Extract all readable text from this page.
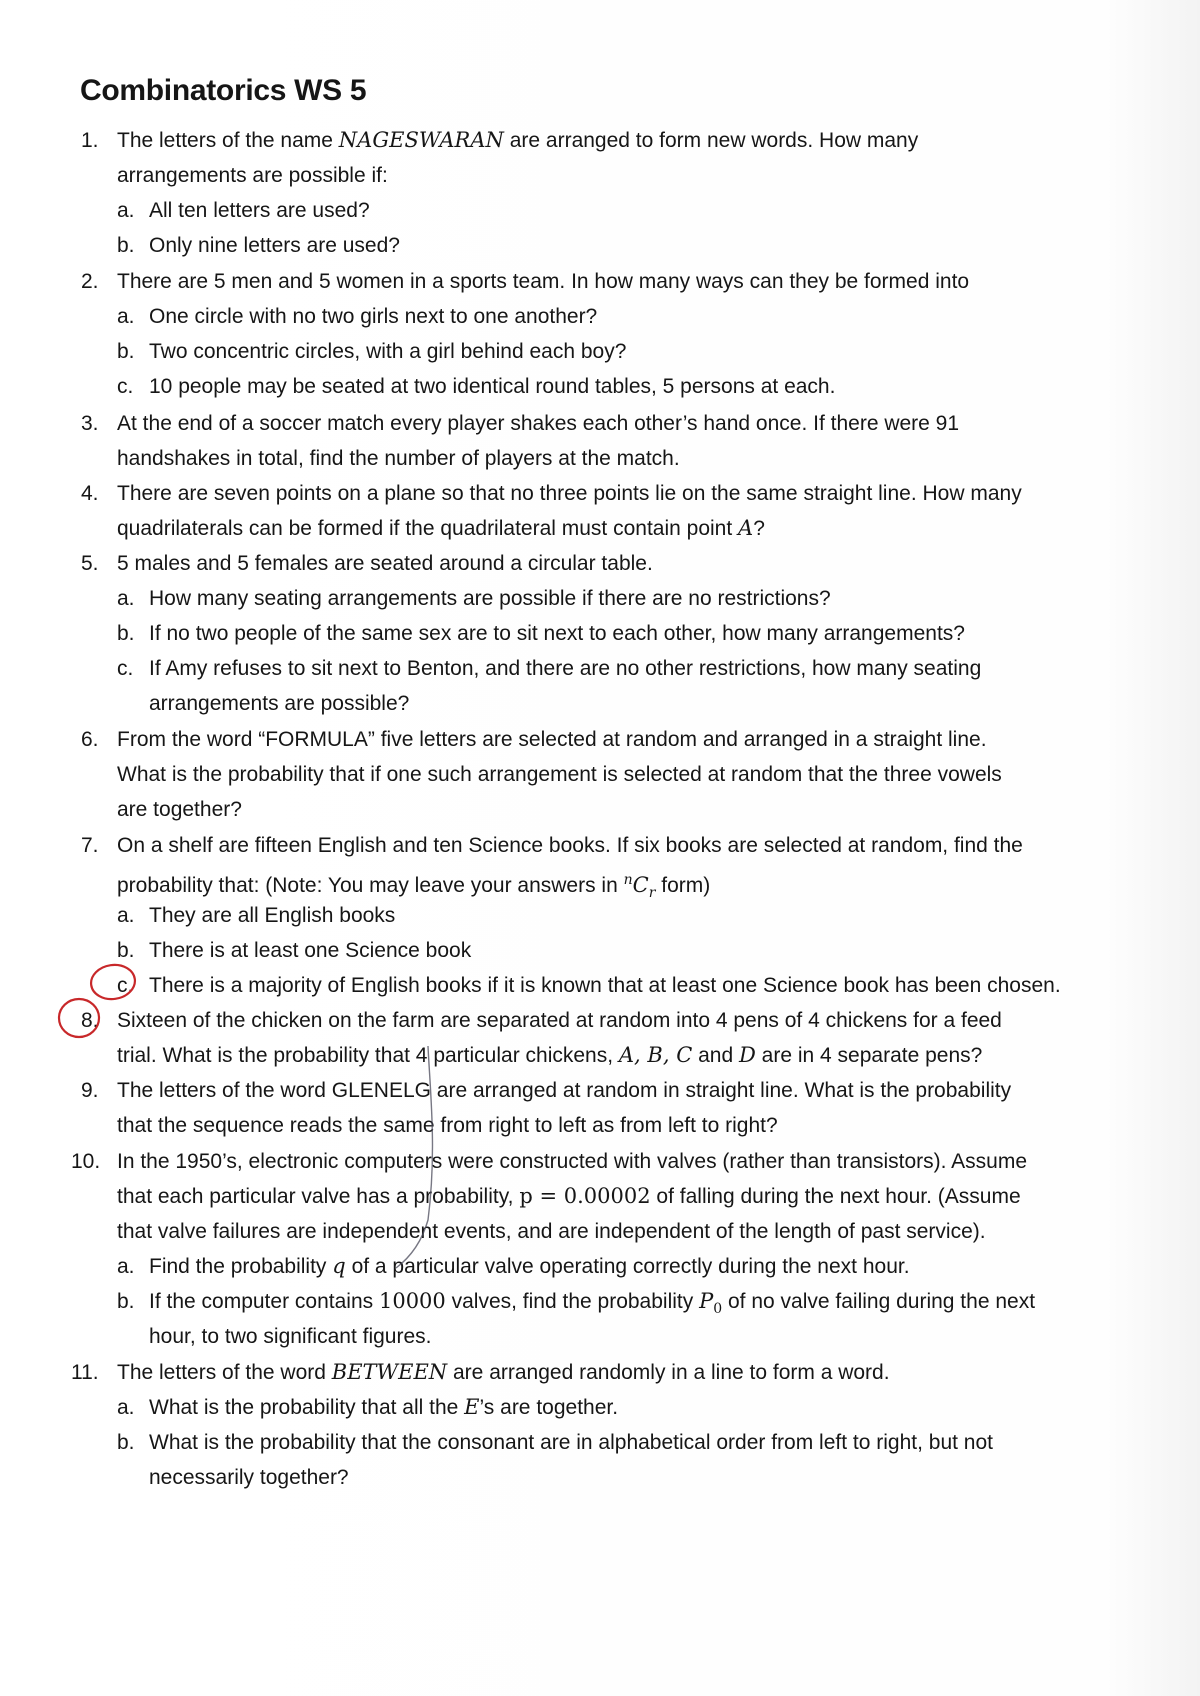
Combinatorics WS 5
1. The letters of the name NAGESWARAN are arranged to form new words. How many
arrangements are possible if:
a. All ten letters are used?
b. Only nine letters are used?
2. There are 5 men and 5 women in a sports team. In how many ways can they be formed into
a. One circle with no two girls next to one another?
b. Two concentric circles, with a girl behind each boy?
c. 10 people may be seated at two identical round tables, 5 persons at each.
3. At the end of a soccer match every player shakes each other’s hand once. If there were 91
handshakes in total, find the number of players at the match.
4. There are seven points on a plane so that no three points lie on the same straight line. How many
quadrilaterals can be formed if the quadrilateral must contain point A?
5. 5 males and 5 females are seated around a circular table.
a. How many seating arrangements are possible if there are no restrictions?
b. If no two people of the same sex are to sit next to each other, how many arrangements?
c. If Amy refuses to sit next to Benton, and there are no other restrictions, how many seating
arrangements are possible?
6. From the word “FORMULA” five letters are selected at random and arranged in a straight line.
What is the probability that if one such arrangement is selected at random that the three vowels
are together?
7. On a shelf are fifteen English and ten Science books. If six books are selected at random, find the
probability that: (Note: You may leave your answers in $^nC_r$ form)
a. They are all English books
b. There is at least one Science book
c. There is a majority of English books if it is known that at least one Science book has been chosen.
8. Sixteen of the chicken on the farm are separated at random into 4 pens of 4 chickens for a feed
trial. What is the probability that 4 particular chickens, A, B, C and D are in 4 separate pens?
9. The letters of the word GLENELG are arranged at random in straight line. What is the probability
that the sequence reads the same from right to left as from left to right?
10. In the 1950’s, electronic computers were constructed with valves (rather than transistors). Assume
that each particular valve has a probability, p = 0.00002 of falling during the next hour. (Assume
that valve failures are independent events, and are independent of the length of past service).
a. Find the probability q of a particular valve operating correctly during the next hour.
b. If the computer contains 10000 valves, find the probability $P_0$ of no valve failing during the next
hour, to two significant figures.
11. The letters of the word BETWEEN are arranged randomly in a line to form a word.
a. What is the probability that all the E’s are together.
b. What is the probability that the consonant are in alphabetical order from left to right, but not
necessarily together?
